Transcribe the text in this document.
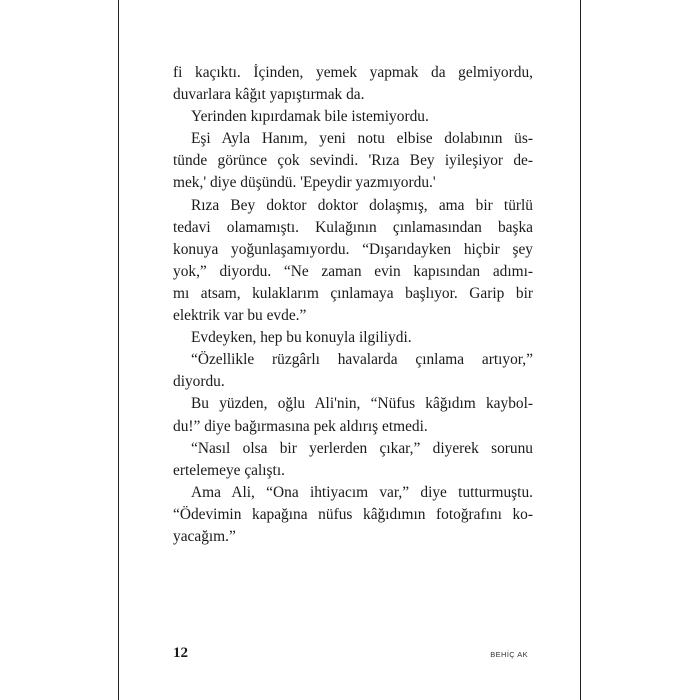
fi kaçıktı. İçinden, yemek yapmak da gelmiyordu,
duvarlara kâğıt yapıştırmak da.
Yerinden kıpırdamak bile istemiyordu.
Eşi Ayla Hanım, yeni notu elbise dolabının üs-
tünde görünce çok sevindi. 'Rıza Bey iyileşiyor de-
mek,' diye düşündü. 'Epeydir yazmıyordu.'
Rıza Bey doktor doktor dolaşmış, ama bir türlü
tedavi olamamıştı. Kulağının çınlamasından başka
konuya yoğunlaşamıyordu. “Dışarıdayken hiçbir şey
yok,” diyordu. “Ne zaman evin kapısından adımı-
mı atsam, kulaklarım çınlamaya başlıyor. Garip bir
elektrik var bu evde.”
Evdeyken, hep bu konuyla ilgiliydi.
“Özellikle rüzgârlı havalarda çınlama artıyor,”
diyordu.
Bu yüzden, oğlu Ali'nin, “Nüfus kâğıdım kaybol-
du!” diye bağırmasına pek aldırış etmedi.
“Nasıl olsa bir yerlerden çıkar,” diyerek sorunu
ertelemeye çalıştı.
Ama Ali, “Ona ihtiyacım var,” diye tutturmuştu.
“Ödevimin kapağına nüfus kâğıdımın fotoğrafını ko-
yacağım.”
12	BEHİÇ AK
